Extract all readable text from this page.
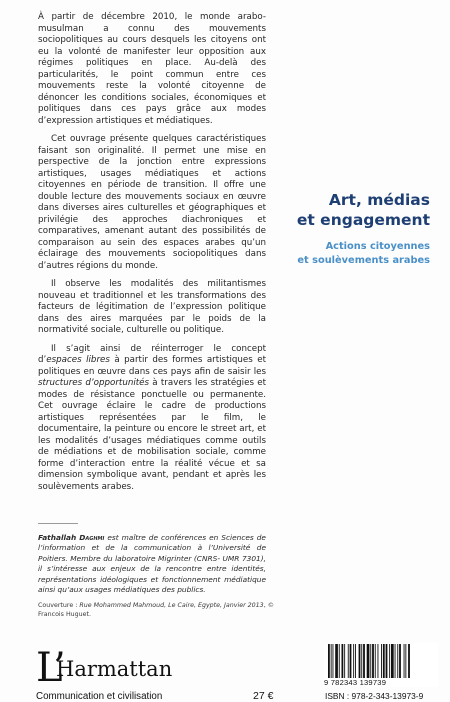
À partir de décembre 2010, le monde arabo-musulman a connu des mouvements sociopolitiques au cours desquels les citoyens ont eu la volonté de manifester leur opposition aux régimes politiques en place. Au-delà des particularités, le point commun entre ces mouvements reste la volonté citoyenne de dénoncer les conditions sociales, économiques et politiques dans ces pays grâce aux modes d’expression artistiques et médiatiques.

Cet ouvrage présente quelques caractéristiques faisant son originalité. Il permet une mise en perspective de la jonction entre expressions artistiques, usages médiatiques et actions citoyennes en période de transition. Il offre une double lecture des mouvements sociaux en œuvre dans diverses aires culturelles et géographiques et privilégie des approches diachroniques et comparatives, amenant autant des possibilités de comparaison au sein des espaces arabes qu’un éclairage des mouvements sociopolitiques dans d’autres régions du monde.

Il observe les modalités des militantismes nouveau et traditionnel et les transformations des facteurs de légitimation de l’expression politique dans des aires marquées par le poids de la normativité sociale, culturelle ou politique.

Il s’agit ainsi de réinterroger le concept d’espaces libres à partir des formes artistiques et politiques en œuvre dans ces pays afin de saisir les structures d’opportunités à travers les stratégies et modes de résistance ponctuelle ou permanente. Cet ouvrage éclaire le cadre de productions artistiques représentées par le film, le documentaire, la peinture ou encore le street art, et les modalités d’usages médiatiques comme outils de médiations et de mobilisation sociale, comme forme d’interaction entre la réalité vécue et sa dimension symbolique avant, pendant et après les soulèvements arabes.

Fathallah Daghmi est maître de conférences en Sciences de l’information et de la communication à l’Université de Poitiers. Membre du laboratoire Migrinter (CNRS- UMR 7301), il s’intéresse aux enjeux de la rencontre entre identités, représentations idéologiques et fonctionnement médiatique ainsi qu’aux usages médiatiques des publics.
Couverture : Rue Mohammed Mahmoud, Le Caire, Egypte, Janvier 2013, © Francois Huguet.
Art, médias
et engagement
Actions citoyennes
et soulèvements arabes
L’
Harmattan
Communication et civilisation	27 €
9 782343 139739
ISBN : 978-2-343-13973-9
